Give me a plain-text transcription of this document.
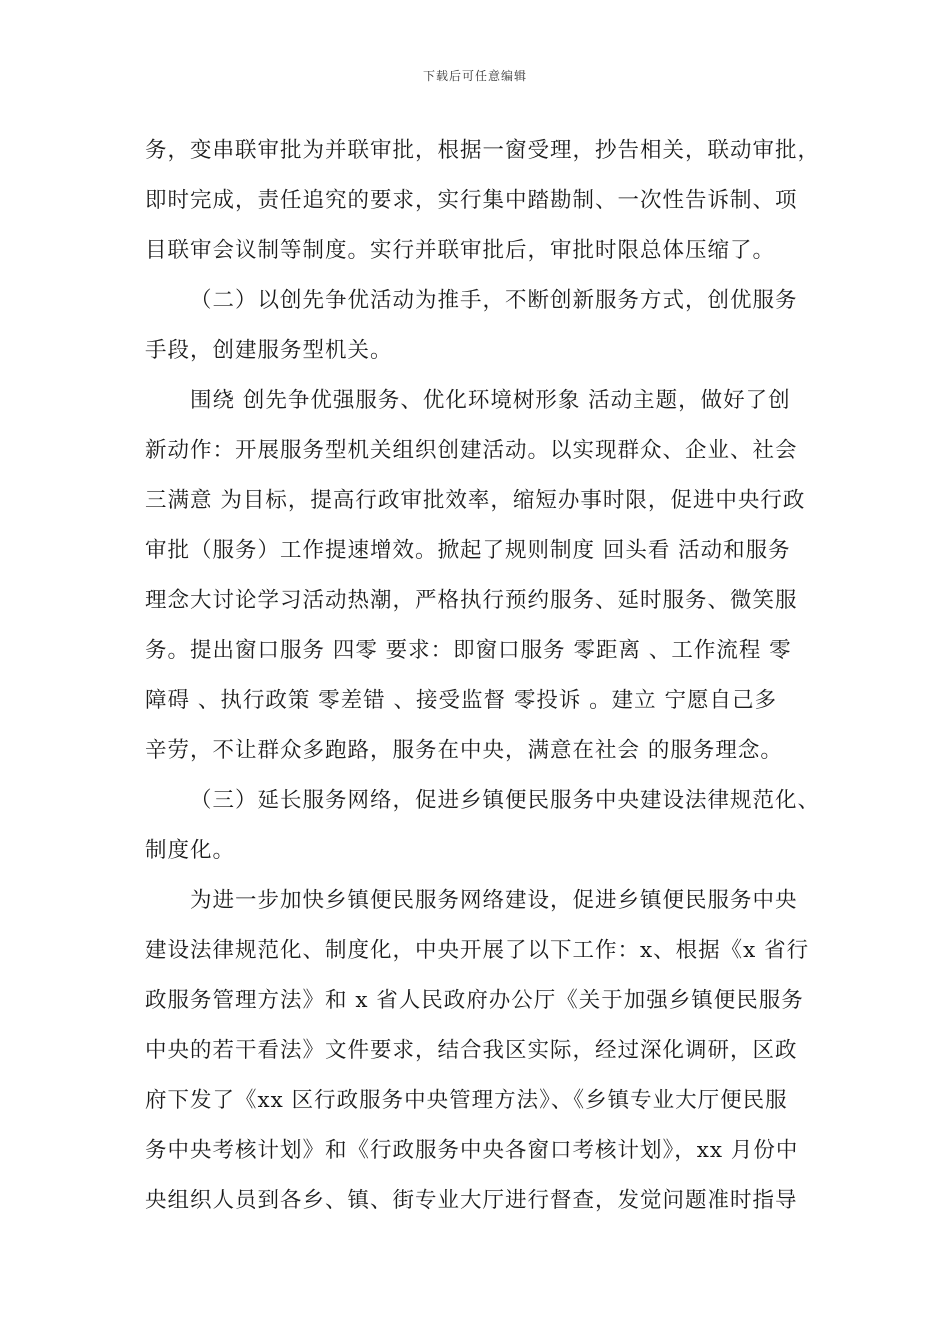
下载后可任意编辑
务，变串联审批为并联审批，根据一窗受理，抄告相关，联动审批，
即时完成，责任追究的要求，实行集中踏勘制、一次性告诉制、项
目联审会议制等制度。实行并联审批后，审批时限总体压缩了。
（二）以创先争优活动为推手，不断创新服务方式，创优服务
手段，创建服务型机关。
围绕 创先争优强服务、优化环境树形象 活动主题，做好了创
新动作：开展服务型机关组织创建活动。以实现群众、企业、社会
三满意 为目标，提高行政审批效率，缩短办事时限，促进中央行政
审批（服务）工作提速增效。掀起了规则制度 回头看 活动和服务
理念大讨论学习活动热潮，严格执行预约服务、延时服务、微笑服
务。提出窗口服务 四零 要求：即窗口服务 零距离 、工作流程 零
障碍 、执行政策 零差错 、接受监督 零投诉 。建立 宁愿自己多
辛劳，不让群众多跑路，服务在中央，满意在社会 的服务理念。
（三）延长服务网络，促进乡镇便民服务中央建设法律规范化、
制度化。
为进一步加快乡镇便民服务网络建设，促进乡镇便民服务中央
建设法律规范化、制度化，中央开展了以下工作：x、根据《x 省行
政服务管理方法》和 x 省人民政府办公厅《关于加强乡镇便民服务
中央的若干看法》文件要求，结合我区实际，经过深化调研，区政
府下发了《xx 区行政服务中央管理方法》、《乡镇专业大厅便民服
务中央考核计划》和《行政服务中央各窗口考核计划》，xx 月份中
央组织人员到各乡、镇、街专业大厅进行督查，发觉问题准时指导
